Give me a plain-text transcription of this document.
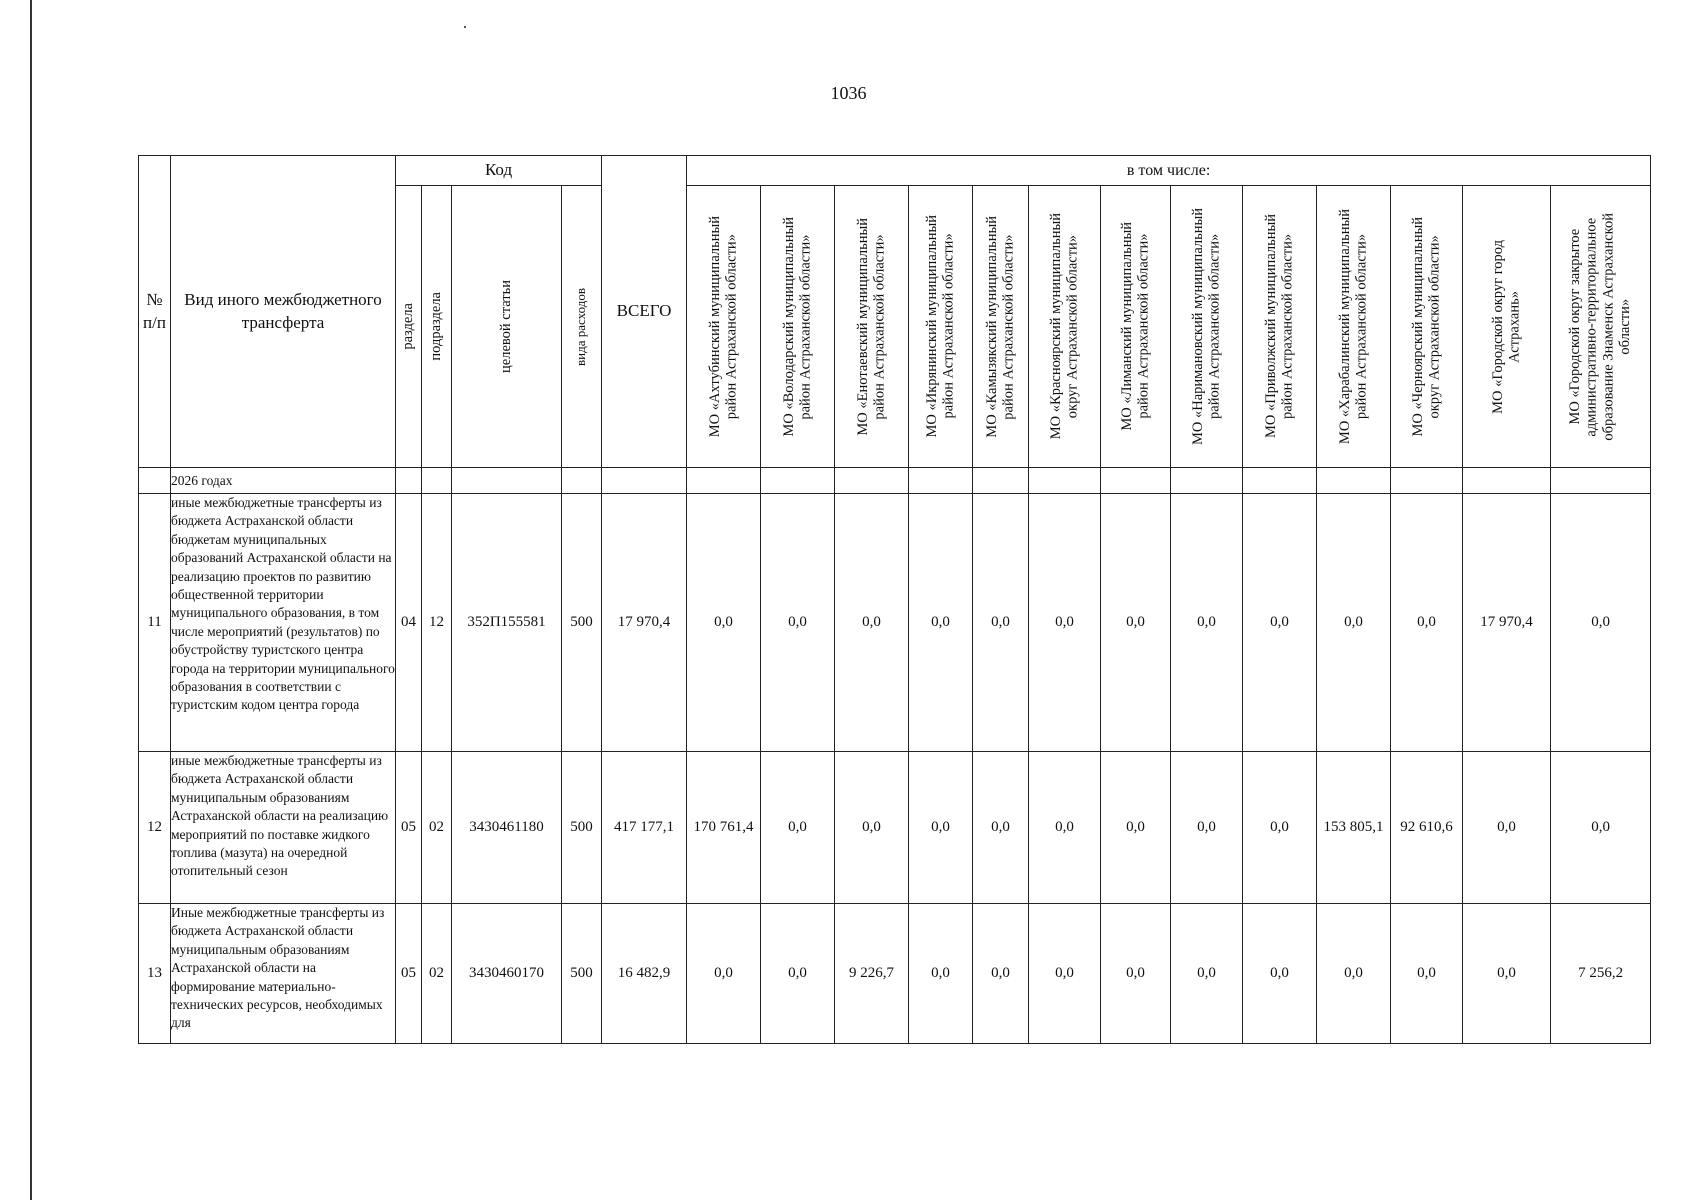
1036
№ п/п	Вид иного межбюджетного трансферта	Код				ВСЕГО	в том числе:												

		раздела	подраздела	целевой статьи	вида расходов		МО «Ахтубинский муниципальный
район Астраханской области»	МО «Володарский муниципальный
район Астраханской области»	МО «Енотаевский муниципальный
район Астраханской области»	МО «Икрянинский муниципальный
район Астраханской области»	МО «Камызякский муниципальный
район Астраханской области»	МО «Красноярский муниципальный
округ Астраханской области»	МО «Лиманский муниципальный
район Астраханской области»	МО «Наримановский муниципальный
район Астраханской области»	МО «Приволжский муниципальный
район Астраханской области»	МО «Харабалинский муниципальный
район Астраханской области»	МО «Черноярский муниципальный
округ Астраханской области»	МО «Городской округ город
Астрахань»	МО «Городской округ закрытое
административно-территориальное
образование Знаменск Астраханской
области»

	2026 годах																		
11	иные межбюджетные трансферты из бюджета Астраханской области бюджетам муниципальных образований Астраханской области на реализацию проектов по развитию общественной территории муниципального образования, в том числе мероприятий (результатов) по обустройству туристского центра города на территории муниципального образования в соответствии с туристским кодом центра города	04	12	352П155581	500	17 970,4	0,0	0,0	0,0	0,0	0,0	0,0	0,0	0,0	0,0	0,0	0,0	17 970,4	0,0
12	иные межбюджетные трансферты из бюджета Астраханской области муниципальным образованиям Астраханской области на реализацию мероприятий по поставке жидкого топлива (мазута) на очередной отопительный сезон	05	02	3430461180	500	417 177,1	170 761,4	0,0	0,0	0,0	0,0	0,0	0,0	0,0	0,0	153 805,1	92 610,6	0,0	0,0
13	Иные межбюджетные трансферты из бюджета Астраханской области муниципальным образованиям Астраханской области на формирование материально-технических ресурсов, необходимых для	05	02	3430460170	500	16 482,9	0,0	0,0	9 226,7	0,0	0,0	0,0	0,0	0,0	0,0	0,0	0,0	0,0	7 256,2
